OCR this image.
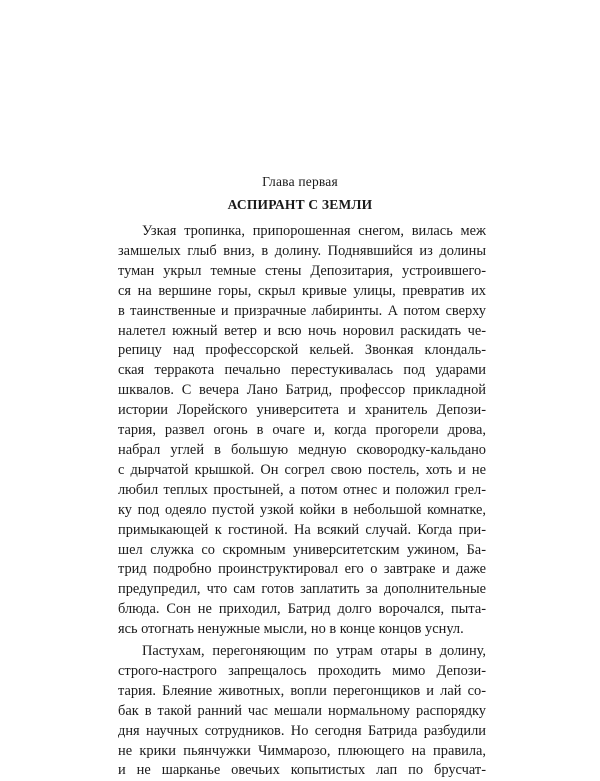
Глава первая
АСПИРАНТ С ЗЕМЛИ
Узкая тропинка, припорошенная снегом, вилась меж
замшелых глыб вниз, в долину. Поднявшийся из долины
туман укрыл темные стены Депозитария, устроившего-
ся на вершине горы, скрыл кривые улицы, превратив их
в таинственные и призрачные лабиринты. А потом сверху
налетел южный ветер и всю ночь норовил раскидать че-
репицу над профессорской кельей. Звонкая клондаль-
ская терракота печально перестукивалась под ударами
шквалов. С вечера Лано Батрид, профессор прикладной
истории Лорейского университета и хранитель Депози-
тария, развел огонь в очаге и, когда прогорели дрова,
набрал углей в большую медную сковородку-кальдано
с дырчатой крышкой. Он согрел свою постель, хоть и не
любил теплых простыней, а потом отнес и положил грел-
ку под одеяло пустой узкой койки в небольшой комнатке,
примыкающей к гостиной. На всякий случай. Когда при-
шел служка со скромным университетским ужином, Ба-
трид подробно проинструктировал его о завтраке и даже
предупредил, что сам готов заплатить за дополнительные
блюда. Сон не приходил, Батрид долго ворочался, пыта-
ясь отогнать ненужные мысли, но в конце концов уснул.
Пастухам, перегоняющим по утрам отары в долину,
строго-настрого запрещалось проходить мимо Депози-
тария. Блеяние животных, вопли перегонщиков и лай со-
бак в такой ранний час мешали нормальному распорядку
дня научных сотрудников. Но сегодня Батрида разбудили
не крики пьянчужки Чиммарозо, плюющего на правила,
и не шарканье овечьих копытистых лап по брусчат-
